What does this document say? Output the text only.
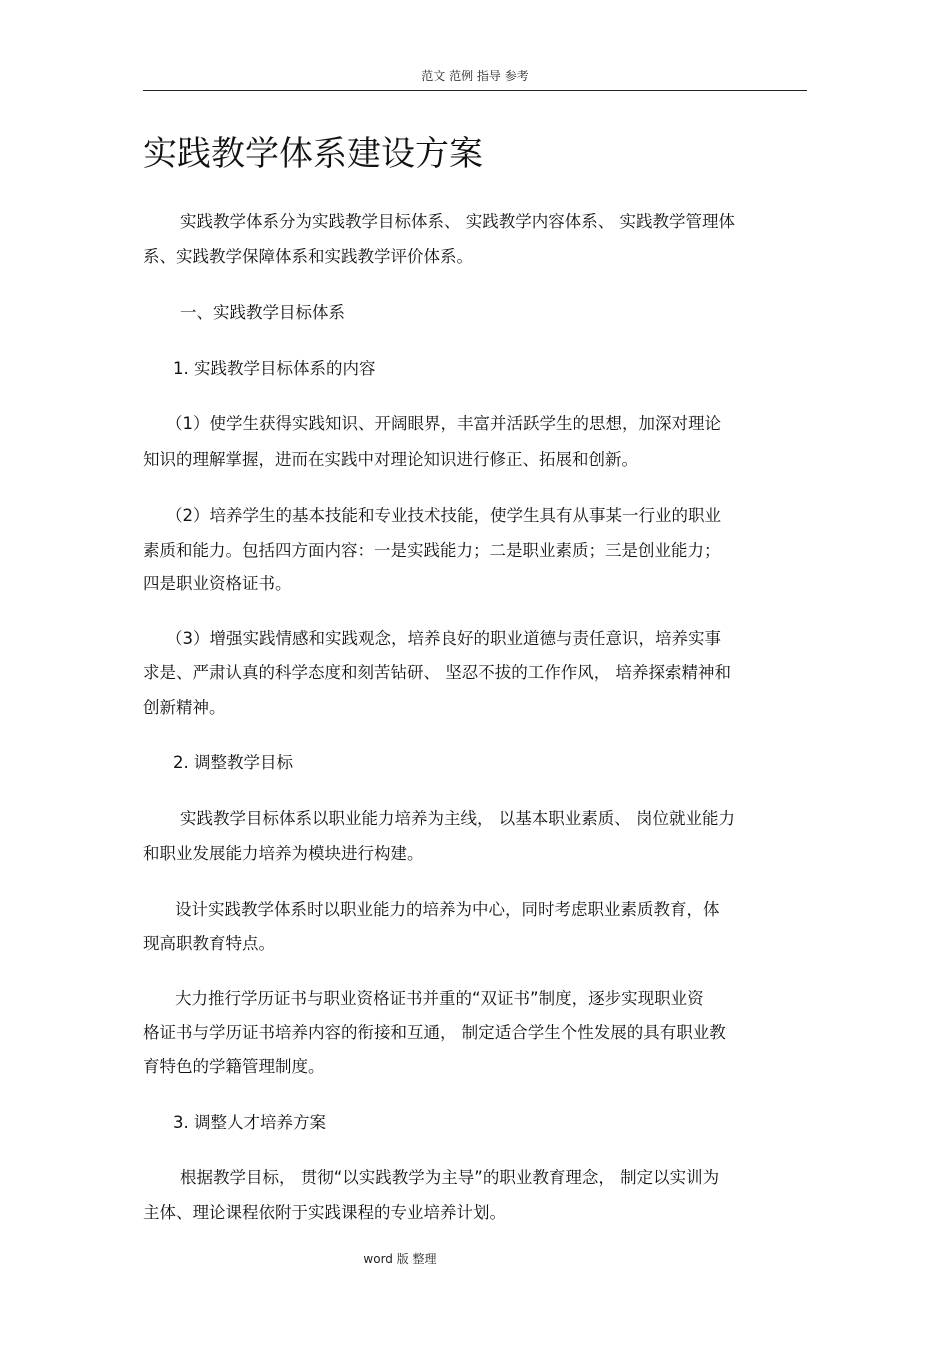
范文 范例 指导 参考
实践教学体系建设方案
实践教学体系分为实践教学目标体系、 实践教学内容体系、 实践教学管理体
系、实践教学保障体系和实践教学评价体系。
一、实践教学目标体系
1. 实践教学目标体系的内容
（1）使学生获得实践知识、开阔眼界，丰富并活跃学生的思想，加深对理论
知识的理解掌握，进而在实践中对理论知识进行修正、拓展和创新。
（2）培养学生的基本技能和专业技术技能，使学生具有从事某一行业的职业
素质和能力。包括四方面内容：一是实践能力；二是职业素质；三是创业能力；
四是职业资格证书。
（3）增强实践情感和实践观念，培养良好的职业道德与责任意识，培养实事
求是、严肃认真的科学态度和刻苦钻研、 坚忍不拔的工作作风， 培养探索精神和
创新精神。
2. 调整教学目标
实践教学目标体系以职业能力培养为主线， 以基本职业素质、 岗位就业能力
和职业发展能力培养为模块进行构建。
设计实践教学体系时以职业能力的培养为中心，同时考虑职业素质教育，体
现高职教育特点。
大力推行学历证书与职业资格证书并重的“双证书”制度，逐步实现职业资
格证书与学历证书培养内容的衔接和互通， 制定适合学生个性发展的具有职业教
育特色的学籍管理制度。
3. 调整人才培养方案
根据教学目标， 贯彻“以实践教学为主导”的职业教育理念， 制定以实训为
主体、理论课程依附于实践课程的专业培养计划。
word 版 整理
